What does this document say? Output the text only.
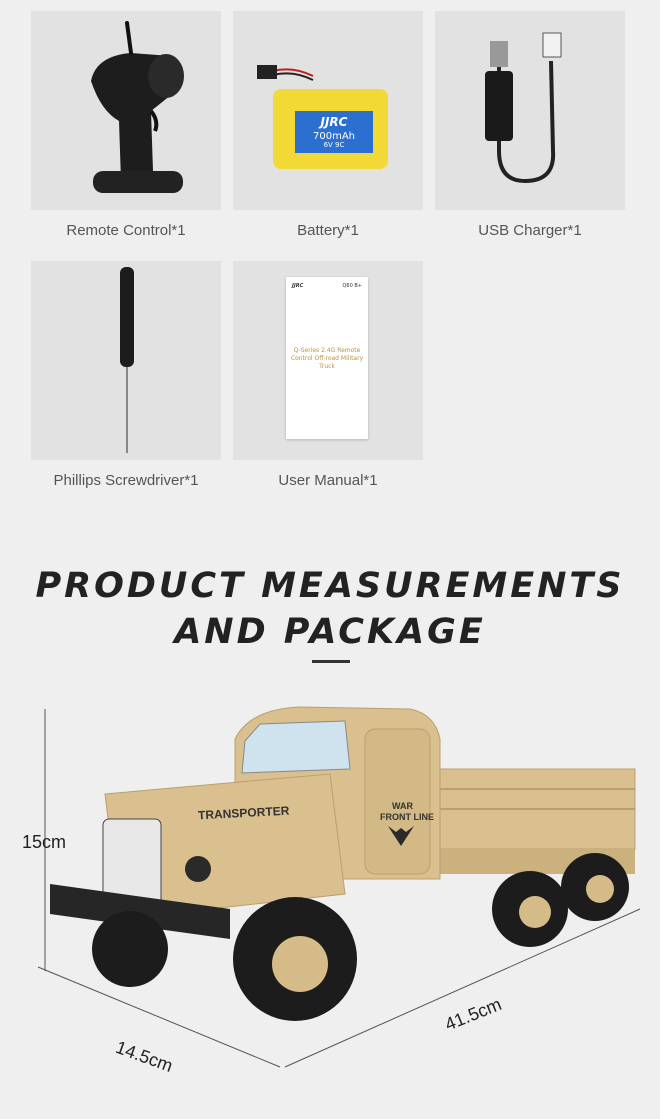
Remote Control*1
JJRC
700mAh
6V 9C
Battery*1	USB Charger*1
Phillips Screwdriver*1
JJRC	Q60 B+
Q-Series 2.4G Remote Control Off-road Military Truck
User Manual*1
PRODUCT MEASUREMENTS
AND PACKAGE
TRANSPORTER	WAR
FRONT LINE
15cm
14.5cm
41.5cm
